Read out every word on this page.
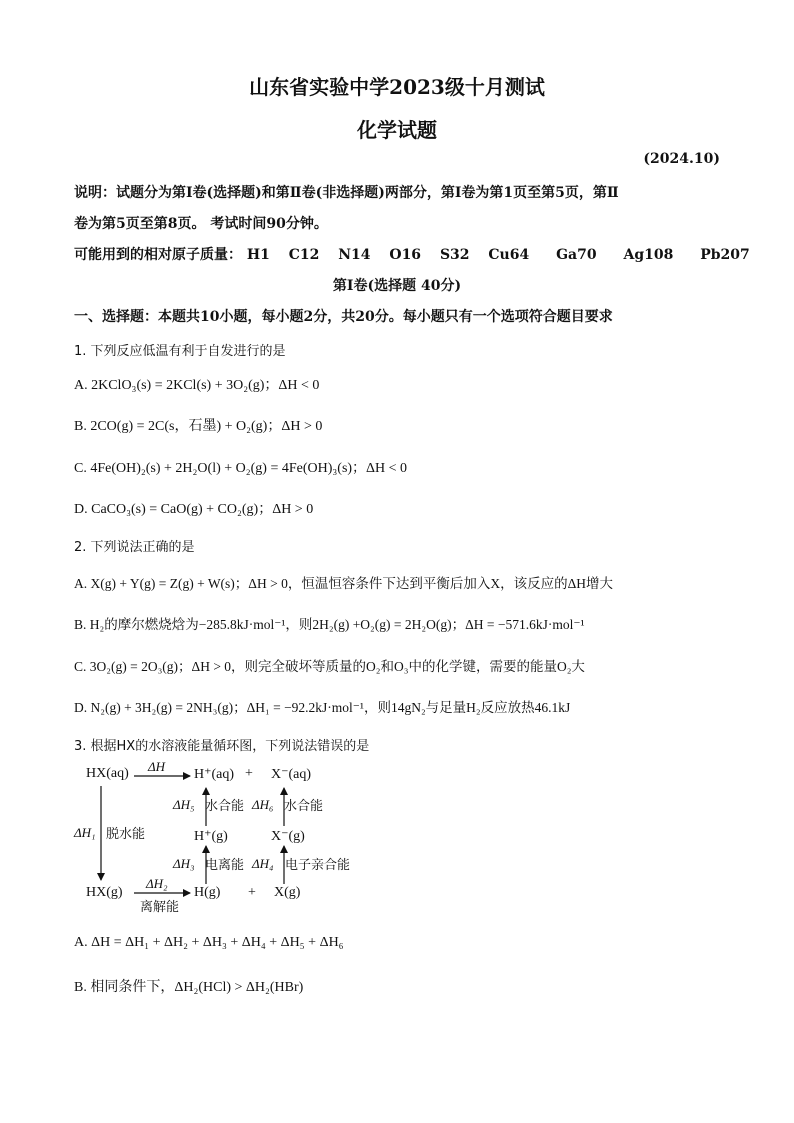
山东省实验中学2023级十月测试
化学试题
(2024.10)
说明：试题分为第Ⅰ卷(选择题)和第Ⅱ卷(非选择题)两部分，第Ⅰ卷为第1页至第5页，第Ⅱ
卷为第5页至第8页。 考试时间90分钟。
可能用到的相对原子质量： H1 C12 N14 O16 S32 Cu64 Ga70 Ag108 Pb207
第Ⅰ卷(选择题 40分)
一、选择题：本题共10小题，每小题2分，共20分。每小题只有一个选项符合题目要求
1. 下列反应低温有利于自发进行的是
A. 2KClO₃(s) = 2KCl(s) + 3O₂(g)；ΔH < 0
B. 2CO(g) = 2C(s，石墨) + O₂(g)；ΔH > 0
C. 4Fe(OH)₂(s) + 2H₂O(l) + O₂(g) = 4Fe(OH)₃(s)；ΔH < 0
D. CaCO₃(s) = CaO(g) + CO₂(g)；ΔH > 0
2. 下列说法正确的是
A. X(g) + Y(g) = Z(g) + W(s)；ΔH > 0，恒温恒容条件下达到平衡后加入X，该反应的ΔH增大
B. H₂的摩尔燃烧焓为−285.8kJ·mol⁻¹，则2H₂(g) +O₂(g) = 2H₂O(g)；ΔH = −571.6kJ·mol⁻¹
C. 3O₂(g) = 2O₃(g)；ΔH > 0，则完全破坏等质量的O₂和O₃中的化学键，需要的能量O₂大
D. N₂(g) + 3H₂(g) = 2NH₃(g)；ΔH₁ = −92.2kJ·mol⁻¹，则14gN₂与足量H₂反应放热46.1kJ
3. 根据HX的水溶液能量循环图，下列说法错误的是
HX(aq) ΔH
H⁺(aq) + X⁻(aq)
ΔH₅ 水合能 ΔH₆ 水合能
ΔH₁ 脱水能	H⁺(g)	X⁻(g)
ΔH₃ 电离能 ΔH₄ 电子亲合能
HX(g)
ΔH₂
离解能
H(g) + X(g)
A. ΔH = ΔH₁ + ΔH₂ + ΔH₃ + ΔH₄ + ΔH₅ + ΔH₆
B. 相同条件下，ΔH₂(HCl) > ΔH₂(HBr)
